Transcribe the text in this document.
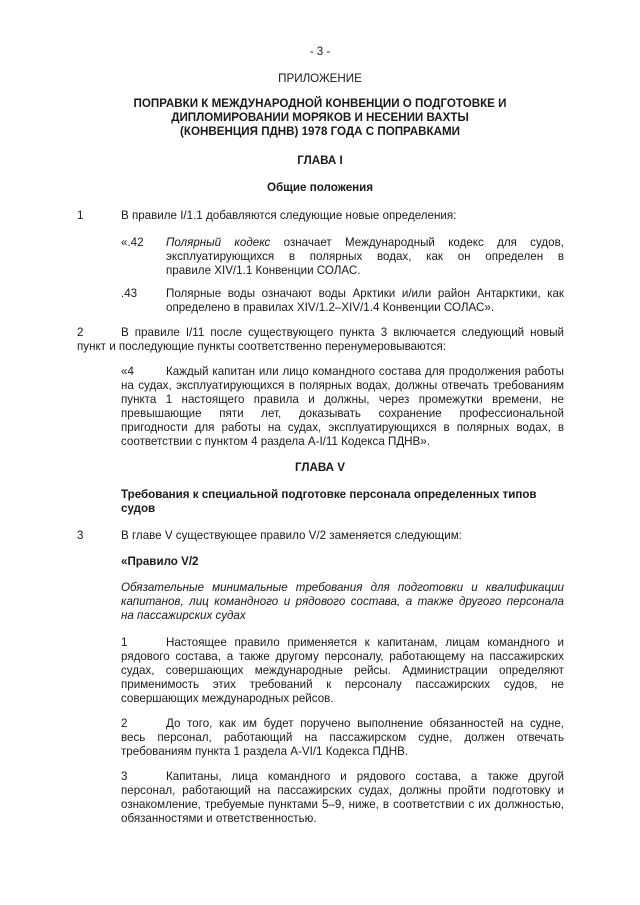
- 3 -

ПРИЛОЖЕНИЕ

ПОПРАВКИ К МЕЖДУНАРОДНОЙ КОНВЕНЦИИ О ПОДГОТОВКЕ И
ДИПЛОМИРОВАНИИ МОРЯКОВ И НЕСЕНИИ ВАХТЫ
(КОНВЕНЦИЯ ПДНВ) 1978 ГОДА С ПОПРАВКАМИ

ГЛАВА I

Общие положения

1	В правиле I/1.1 добавляются следующие новые определения:
«.42 Полярный кодекс означает Международный кодекс для судов,
эксплуатирующихся в полярных водах, как он определен в
правиле XIV/1.1 Конвенции СОЛАС.
.43 Полярные воды означают воды Арктики и/или район Антарктики, как
определено в правилах XIV/1.2–XIV/1.4 Конвенции СОЛАС».
2	В правиле I/11 после существующего пункта 3 включается следующий новый
пункт и последующие пункты соответственно перенумеровываются:
«4	Каждый капитан или лицо командного состава для продолжения работы
на судах, эксплуатирующихся в полярных водах, должны отвечать требованиям
пункта 1 настоящего правила и должны, через промежутки времени, не
превышающие пяти лет, доказывать сохранение профессиональной
пригодности для работы на судах, эксплуатирующихся в полярных водах, в
соответствии с пунктом 4 раздела A-I/11 Кодекса ПДНВ».

ГЛАВА V

Требования к специальной подготовке персонала определенных типов
судов
3	В главе V существующее правило V/2 заменяется следующим:

«Правило V/2

Обязательные минимальные требования для подготовки и квалификации
капитанов, лиц командного и рядового состава, а также другого персонала
на пассажирских судах
1	Настоящее правило применяется к капитанам, лицам командного и
рядового состава, а также другому персоналу, работающему на пассажирских
судах, совершающих международные рейсы. Администрации определяют
применимость этих требований к персоналу пассажирских судов, не
совершающих международных рейсов.
2	До того, как им будет поручено выполнение обязанностей на судне,
весь персонал, работающий на пассажирском судне, должен отвечать
требованиям пункта 1 раздела A-VI/1 Кодекса ПДНВ.
3	Капитаны, лица командного и рядового состава, а также другой
персонал, работающий на пассажирских судах, должны пройти подготовку и
ознакомление, требуемые пунктами 5–9, ниже, в соответствии с их должностью,
обязанностями и ответственностью.
